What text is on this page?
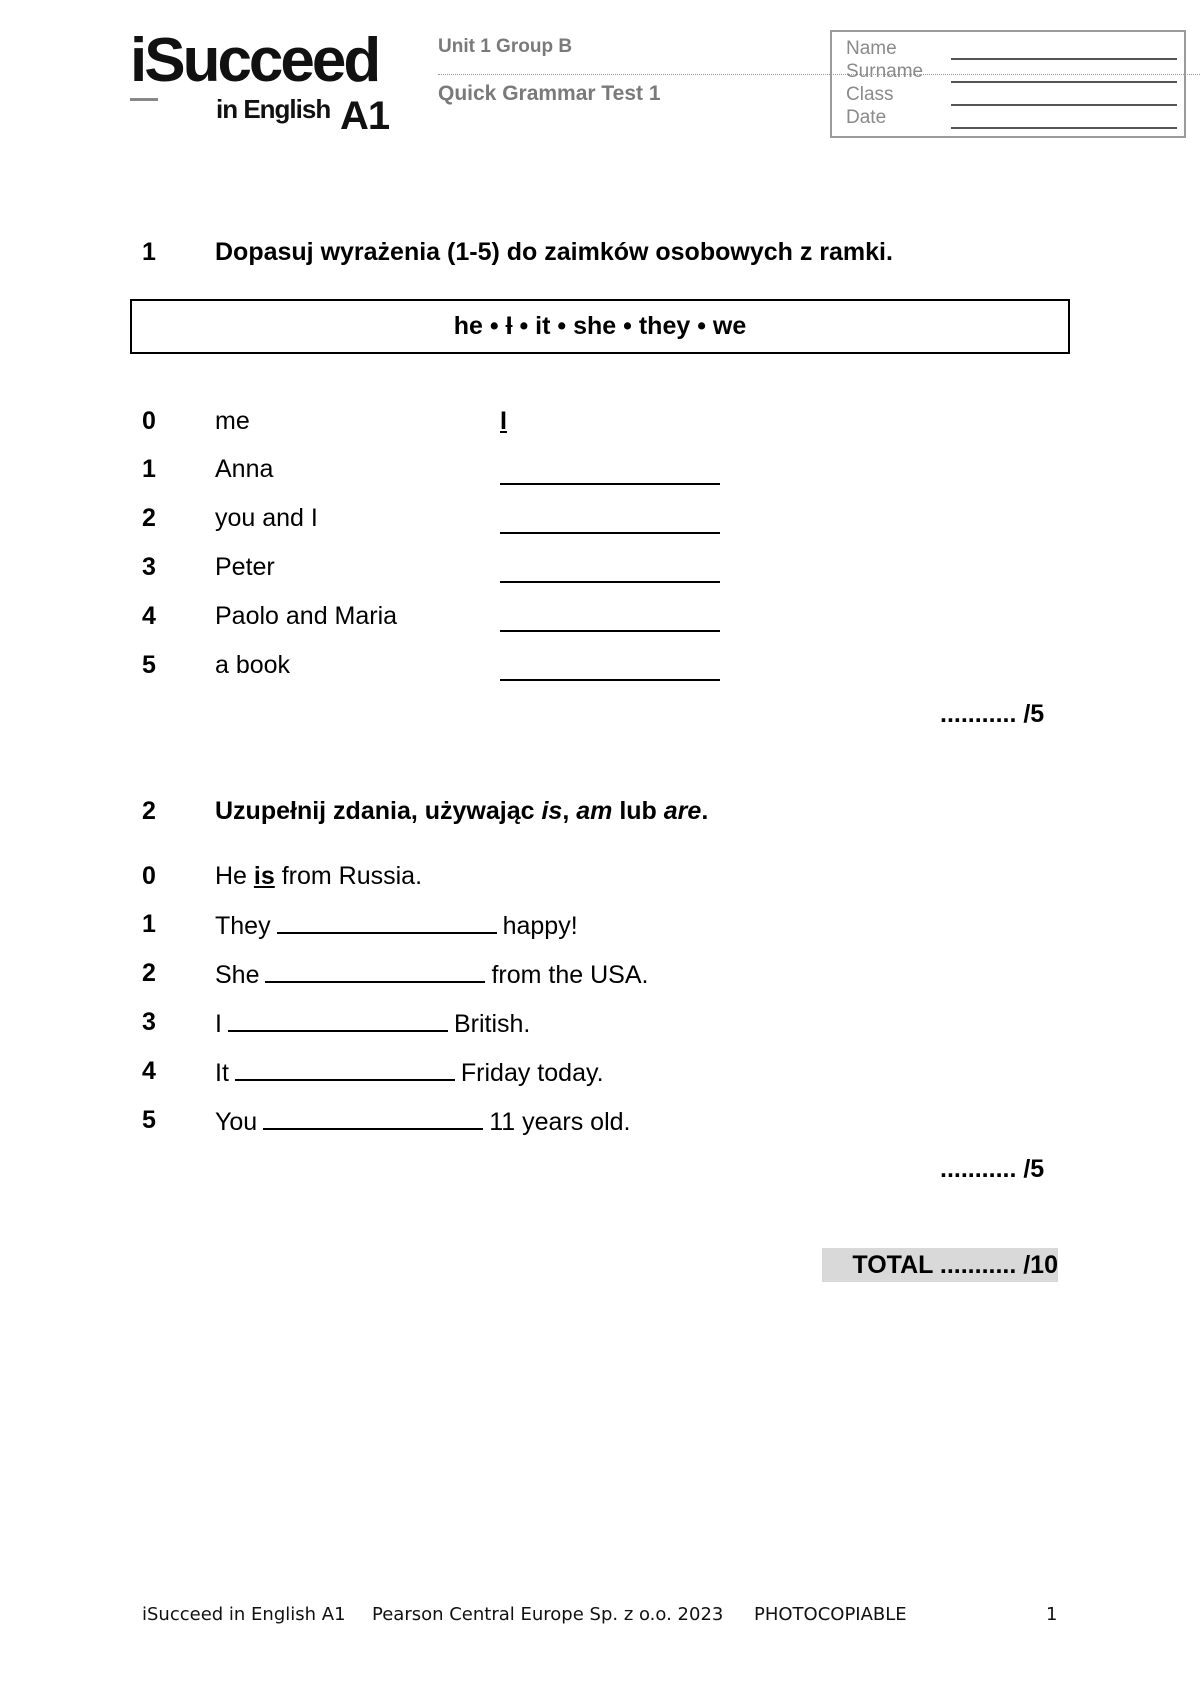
iSucceed
in English A1
Unit 1 Group B
Quick Grammar Test 1
Name
Surname
Class
Date
1 Dopasuj wyrażenia (1-5) do zaimków osobowych z ramki.
he • I • it • she • they • we
0 me	I
1 Anna
2 you and I
3 Peter
4 Paolo and Maria
5 a book
........... /5
2 Uzupełnij zdania, używając is, am lub are.
0 He is from Russia.
1 They	happy!
2 She	from the USA.
3 I	British.
4 It	Friday today.
5 You	11 years old.
........... /5
TOTAL ........... /10
iSucceed in English A1 Pearson Central Europe Sp. z o.o. 2023 PHOTOCOPIABLE	1
